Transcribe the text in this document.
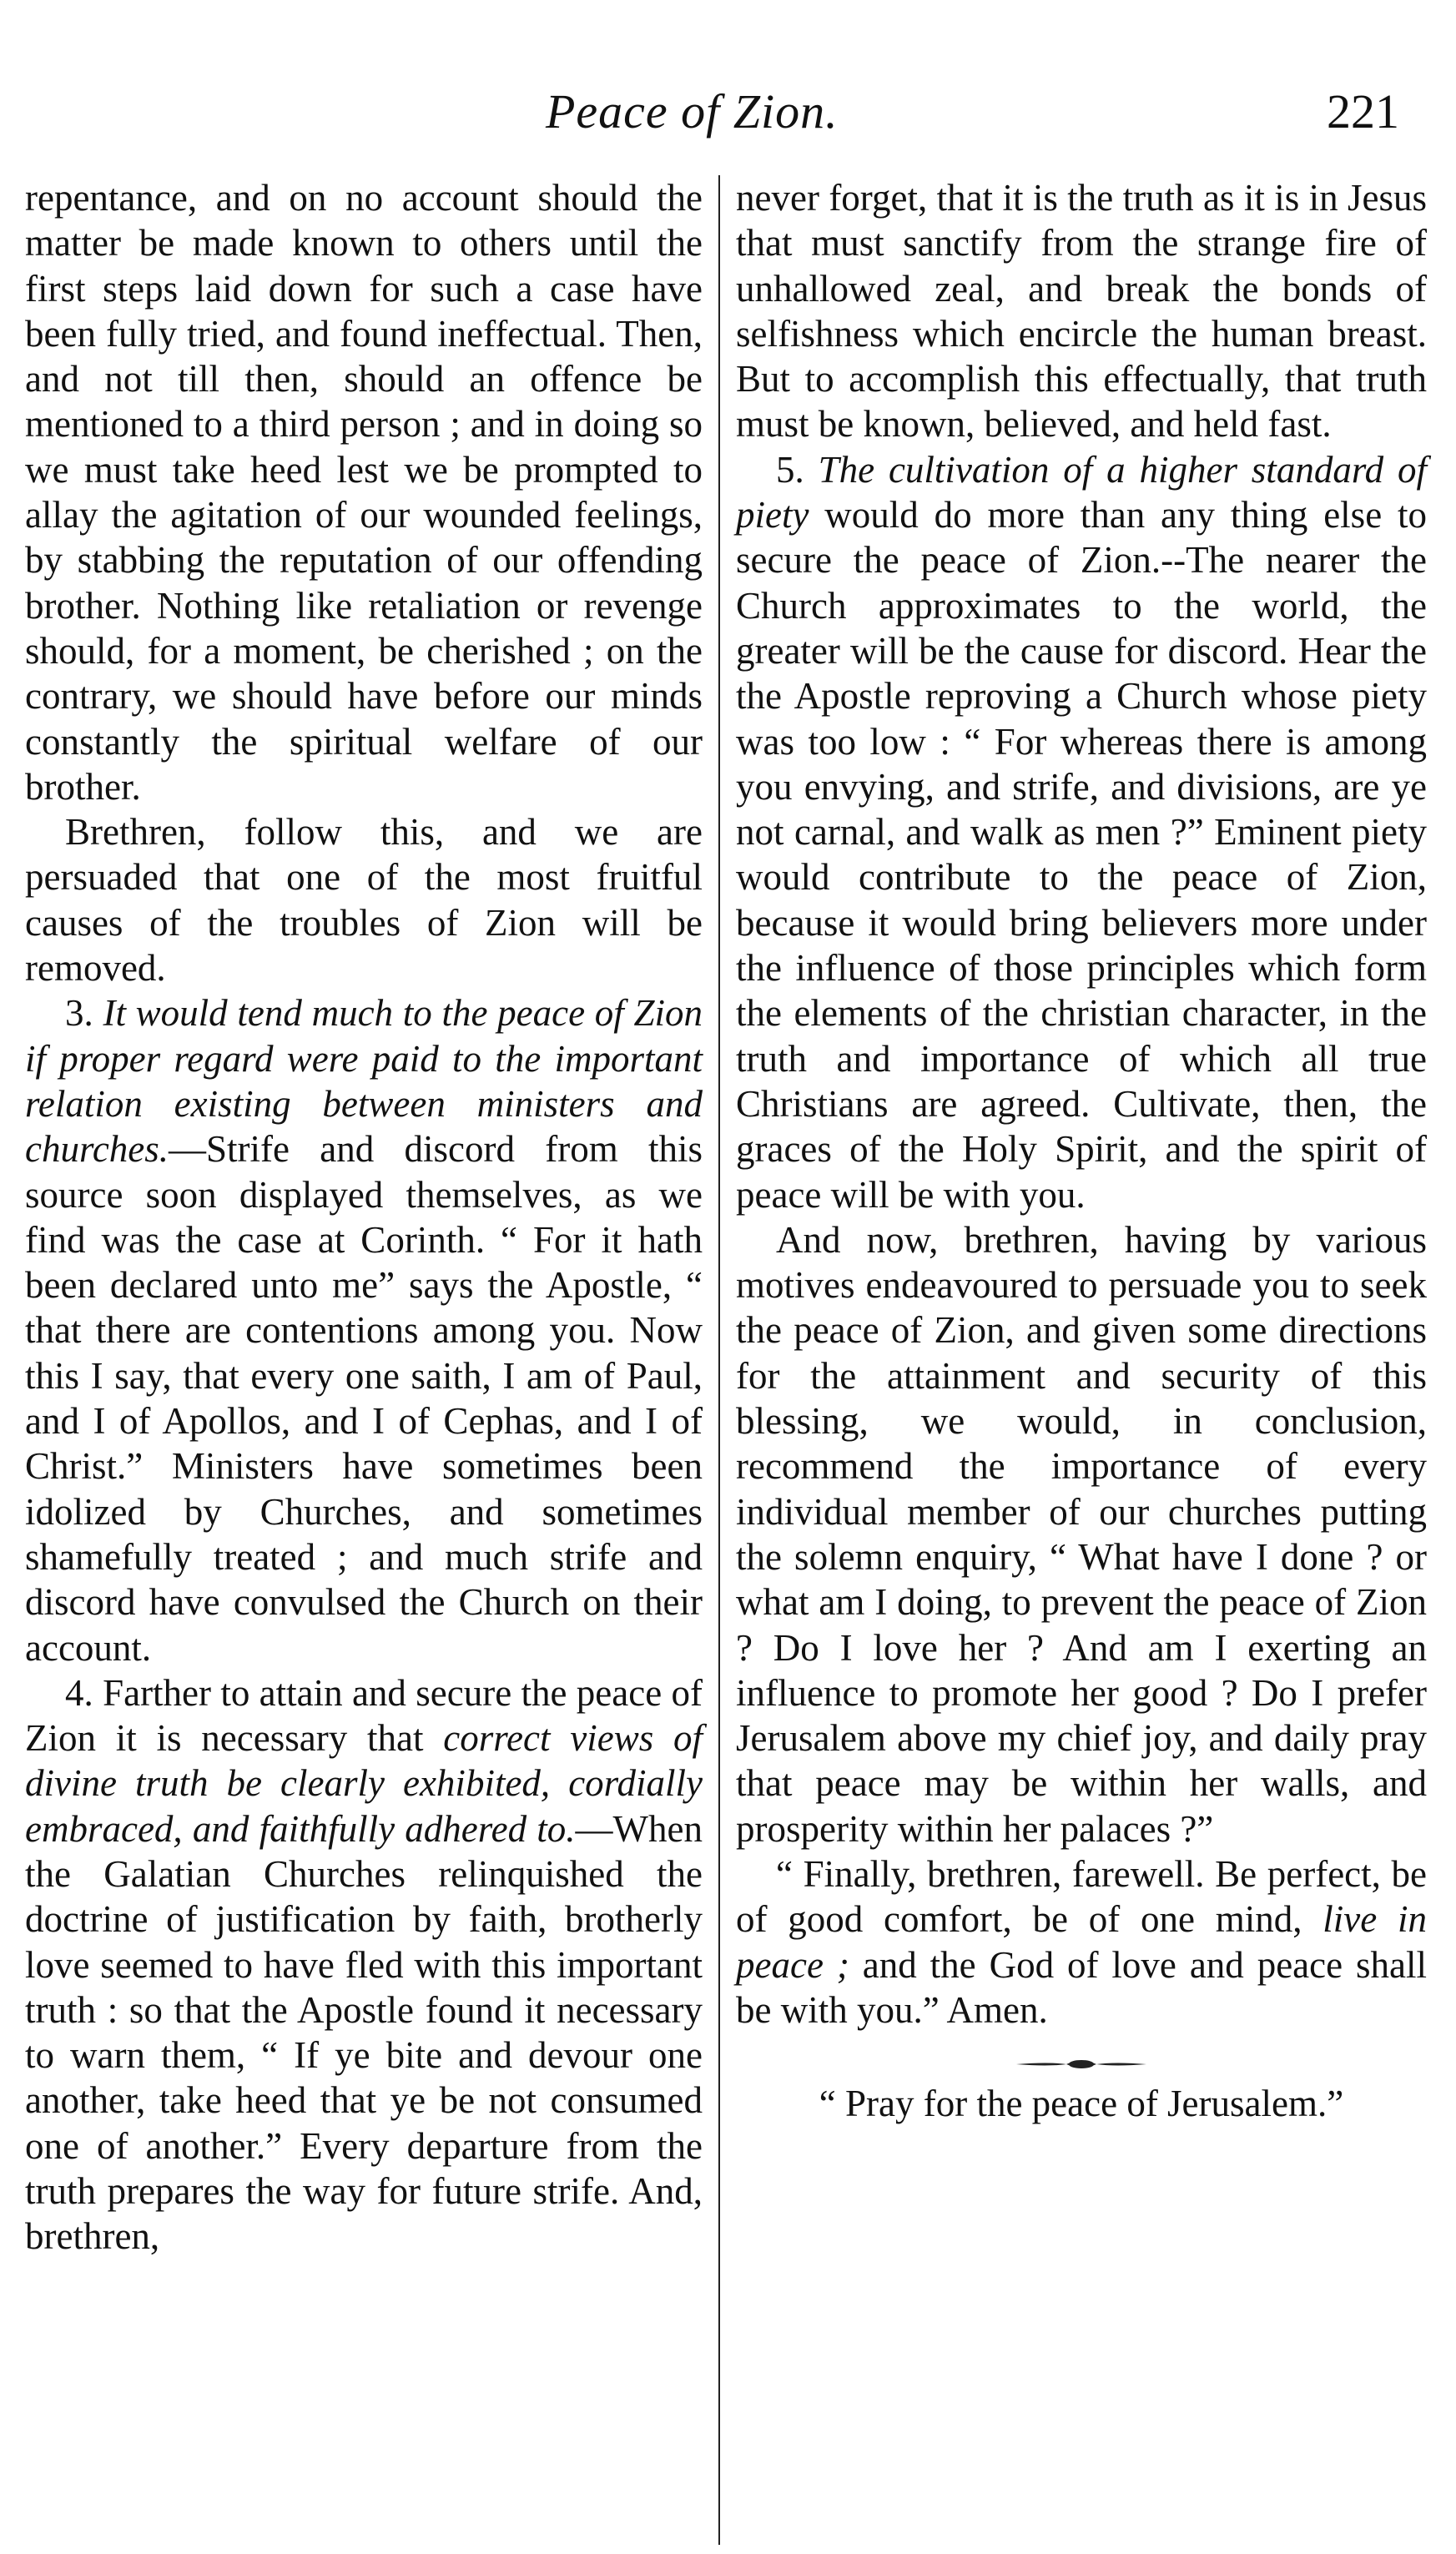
Peace of Zion.	221

repentance, and on no account should the matter be made known to others until the first steps laid down for such a case have been fully tried, and found ineffectual. Then, and not till then, should an offence be mentioned to a third person ; and in doing so we must take heed lest we be prompted to allay the agitation of our wounded feelings, by stabbing the reputation of our offending brother. Nothing like retaliation or revenge should, for a moment, be cherished ; on the contrary, we should have before our minds constantly the spiritual welfare of our brother.

Brethren, follow this, and we are persuaded that one of the most fruitful causes of the troubles of Zion will be removed.

3. It would tend much to the peace of Zion if proper regard were paid to the important relation existing between ministers and churches.—Strife and discord from this source soon displayed themselves, as we find was the case at Corinth. “ For it hath been declared unto me” says the Apostle, “ that there are contentions among you. Now this I say, that every one saith, I am of Paul, and I of Apollos, and I of Cephas, and I of Christ.” Ministers have sometimes been idolized by Churches, and sometimes shamefully treated ; and much strife and discord have convulsed the Church on their account.

4. Farther to attain and secure the peace of Zion it is necessary that correct views of divine truth be clearly exhibited, cordially embraced, and faithfully adhered to.—When the Galatian Churches relinquished the doctrine of justification by faith, brotherly love seemed to have fled with this important truth : so that the Apostle found it necessary to warn them, “ If ye bite and devour one another, take heed that ye be not consumed one of another.” Every departure from the truth prepares the way for future strife. And, brethren,

never forget, that it is the truth as it is in Jesus that must sanctify from the strange fire of unhallowed zeal, and break the bonds of selfishness which encircle the human breast. But to accomplish this effectually, that truth must be known, believed, and held fast.

5. The cultivation of a higher standard of piety would do more than any thing else to secure the peace of Zion.--The nearer the Church approximates to the world, the greater will be the cause for discord. Hear the the Apostle reproving a Church whose piety was too low : “ For whereas there is among you envying, and strife, and divisions, are ye not carnal, and walk as men ?” Eminent piety would contribute to the peace of Zion, because it would bring believers more under the influence of those principles which form the elements of the christian character, in the truth and importance of which all true Christians are agreed. Cultivate, then, the graces of the Holy Spirit, and the spirit of peace will be with you.

And now, brethren, having by various motives endeavoured to persuade you to seek the peace of Zion, and given some directions for the attainment and security of this blessing, we would, in conclusion, recommend the importance of every individual member of our churches putting the solemn enquiry, “ What have I done ? or what am I doing, to prevent the peace of Zion ? Do I love her ? And am I exerting an influence to promote her good ? Do I prefer Jerusalem above my chief joy, and daily pray that peace may be within her walls, and prosperity within her palaces ?”

“ Finally, brethren, farewell. Be perfect, be of good comfort, be of one mind, live in peace ; and the God of love and peace shall be with you.” Amen.

“ Pray for the peace of Jerusalem.”
